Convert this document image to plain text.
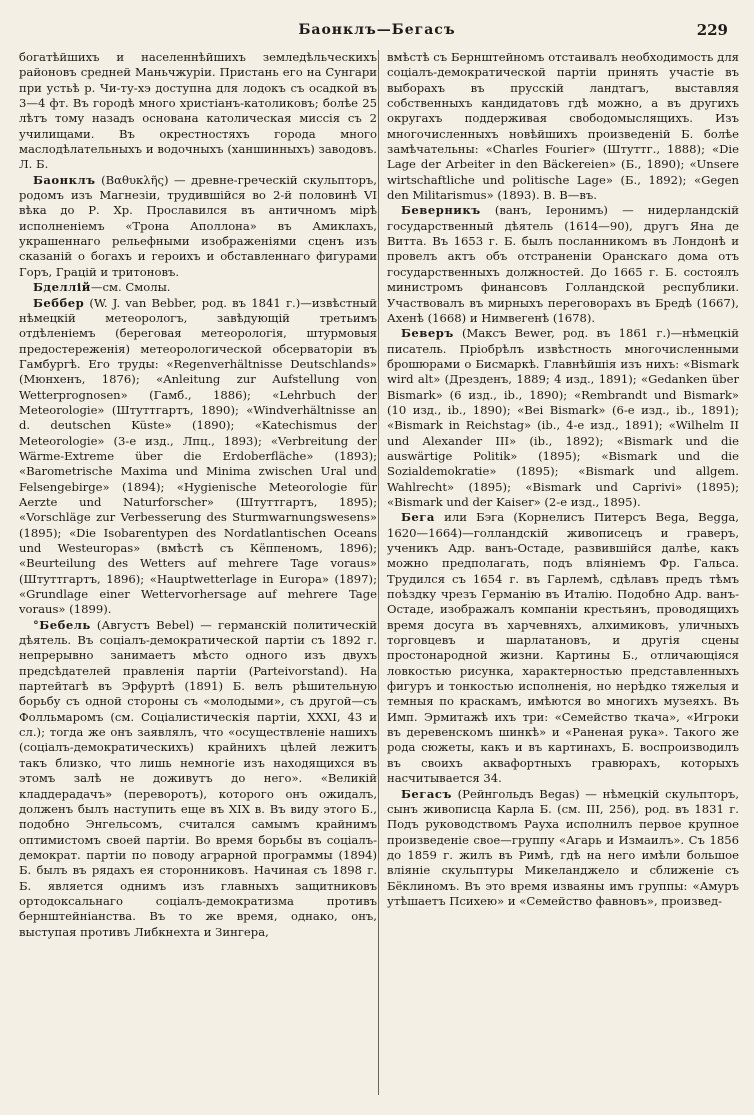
Баонклъ—Бегасъ	229

богатѣйшихъ и населеннѣйшихъ земледѣльческихъ районовъ средней Маньчжуріи. Пристань его на Сунгари при устьѣ р. Чи-ту-хэ доступна для лодокъ съ осадкой въ 3—4 фт. Въ городѣ много христіанъ-католиковъ; болѣе 25 лѣтъ тому назадъ основана католическая миссія съ 2 училищами. Въ окрестностяхъ города много маслодѣлательныхъ и водочныхъ (ханшинныхъ) заводовъ. Л. Б.

Баонклъ (Βαθυκλῆς) — древне-греческій скульпторъ, родомъ изъ Магнезіи, трудившійся во 2-й половинѣ VI вѣка до Р. Хр. Прославился въ античномъ мірѣ исполненіемъ «Трона Аполлона» въ Амиклахъ, украшеннаго рельефными изображеніями сценъ изъ сказаній о богахъ и героихъ и обставленнаго фигурами Горъ, Грацій и тритоновъ.

Бделлій—см. Смолы.

Беббер (W. J. van Bebber, род. въ 1841 г.)—извѣстный нѣмецкій метеорологъ, завѣдующій третьимъ отдѣленіемъ (береговая метеорологія, штурмовыя предостереженія) метеорологической обсерваторіи въ Гамбургѣ. Его труды: «Regenverhältnisse Deutschlands» (Мюнхенъ, 1876); «Anleitung zur Aufstellung von Wetterprognosen» (Гамб., 1886); «Lehrbuch der Meteorologie» (Штуттгартъ, 1890); «Windverhältnisse an d. deutschen Küste» (1890); «Katechismus der Meteorologie» (3-е изд., Лпц., 1893); «Verbreitung der Wärme-Extreme über die Erdoberfläche» (1893); «Barometrische Maxima und Minima zwischen Ural und Felsengebirge» (1894); «Hygienische Meteorologie für Aerzte und Naturforscher» (Штуттгартъ, 1895); «Vorschläge zur Verbesserung des Sturmwarnungswesens» (1895); «Die Isobarentypen des Nordatlantischen Oceans und Westeuropas» (вмѣстѣ съ Кёппеномъ, 1896); «Beurteilung des Wetters auf mehrere Tage voraus» (Штуттгартъ, 1896); «Hauptwetterlage in Europa» (1897); «Grundlage einer Wettervorhersage auf mehrere Tage voraus» (1899).

°Бебель (Августъ Bebel) — германскій политическій дѣятель. Въ соціалъ-демократической партіи съ 1892 г. непрерывно занимаетъ мѣсто одного изъ двухъ предсѣдателей правленія партіи (Parteivorstand). На партейтагѣ въ Эрфуртѣ (1891) Б. велъ рѣшительную борьбу съ одной стороны съ «молодыми», съ другой—съ Фолльмаромъ (см. Соціалистическія партіи, XXXI, 43 и сл.); тогда же онъ заявлялъ, что «осуществленіе нашихъ (соціалъ-демократическихъ) крайнихъ цѣлей лежитъ такъ близко, что лишь немногіе изъ находящихся въ этомъ залѣ не доживутъ до него». «Великій кладдерадачъ» (переворотъ), которого онъ ожидалъ, долженъ былъ наступить еще въ XIX в. Въ виду этого Б., подобно Энгельсомъ, считался самымъ крайнимъ оптимистомъ своей партіи. Во время борьбы въ соціалъ-демократ. партіи по поводу аграрной программы (1894) Б. былъ въ рядахъ ея сторонниковъ. Начиная съ 1898 г. Б. является однимъ изъ главныхъ защитниковъ ортодоксальнаго соціалъ-демократизма противъ бернштейніанства. Въ то же время, однако, онъ, выступая противъ Либкнехта и Зингера,

вмѣстѣ съ Бернштейномъ отстаивалъ необходимость для соціалъ-демократической партіи принять участіе въ выборахъ въ прусскій ландтагъ, выставляя собственныхъ кандидатовъ гдѣ можно, а въ другихъ округахъ поддерживая свободомыслящихъ. Изъ многочисленныхъ новѣйшихъ произведеній Б. болѣе замѣчательны: «Charles Fourier» (Штуттг., 1888); «Die Lage der Arbeiter in den Bäckereien» (Б., 1890); «Unsere wirtschaftliche und politische Lage» (Б., 1892); «Gegen den Militarismus» (1893). В. В—въ.

Беверникъ (ванъ, Іеронимъ) — нидерландскій государственный дѣятель (1614—90), другъ Яна де Витта. Въ 1653 г. Б. былъ посланникомъ въ Лондонѣ и провелъ актъ объ отстраненіи Оранскаго дома отъ государственныхъ должностей. До 1665 г. Б. состоялъ министромъ финансовъ Голландской республики. Участвовалъ въ мирныхъ переговорахъ въ Бредѣ (1667), Ахенѣ (1668) и Нимвегенѣ (1678).

Беверъ (Максъ Bewer, род. въ 1861 г.)—нѣмецкій писатель. Пріобрѣлъ извѣстность многочисленными брошюрами о Бисмаркѣ. Главнѣйшія изъ нихъ: «Bismark wird alt» (Дрезденъ, 1889; 4 изд., 1891); «Gedanken über Bismark» (6 изд., ib., 1890); «Rembrandt und Bismark» (10 изд., ib., 1890); «Bei Bismark» (6-е изд., ib., 1891); «Bismark in Reichstag» (ib., 4-е изд., 1891); «Wilhelm II und Alexander III» (ib., 1892); «Bismark und die auswärtige Politik» (1895); «Bismark und die Sozialdemokratie» (1895); «Bismark und allgem. Wahlrecht» (1895); «Bismark und Caprivi» (1895); «Bismark und der Kaiser» (2-е изд., 1895).

Бега или Бэга (Корнелисъ Питерсъ Bega, Begga, 1620—1664)—голландскій живописецъ и граверъ, ученикъ Адр. ванъ-Остаде, развившійся далѣе, какъ можно предполагать, подъ вліяніемъ Фр. Гальса. Трудился съ 1654 г. въ Гарлемѣ, сдѣлавъ предъ тѣмъ поѣздку чрезъ Германію въ Италію. Подобно Адр. ванъ-Остаде, изображалъ компаніи крестьянъ, проводящихъ время досуга въ харчевняхъ, алхимиковъ, уличныхъ торговцевъ и шарлатановъ, и другія сцены простонародной жизни. Картины Б., отличающіяся ловкостью рисунка, характерностью представленныхъ фигуръ и тонкостью исполненія, но нерѣдко тяжелыя и темныя по краскамъ, имѣются во многихъ музеяхъ. Въ Имп. Эрмитажѣ ихъ три: «Семейство ткача», «Игроки въ деревенскомъ шинкѣ» и «Раненая рука». Такого же рода сюжеты, какъ и въ картинахъ, Б. воспроизводилъ въ своихъ аквафортныхъ гравюрахъ, которыхъ насчитывается 34.

Бегасъ (Рейнгольдъ Begas) — нѣмецкій скульпторъ, сынъ живописца Карла Б. (см. III, 256), род. въ 1831 г. Подъ руководствомъ Рауха исполнилъ первое крупное произведеніе свое—группу «Агарь и Измаилъ». Съ 1856 до 1859 г. жилъ въ Римѣ, гдѣ на него имѣли большое вліяніе скульптуры Микеланджело и сближеніе съ Бёклиномъ. Въ это время изваяны имъ группы: «Амуръ утѣшаетъ Психею» и «Семейство фавновъ», произвед-
